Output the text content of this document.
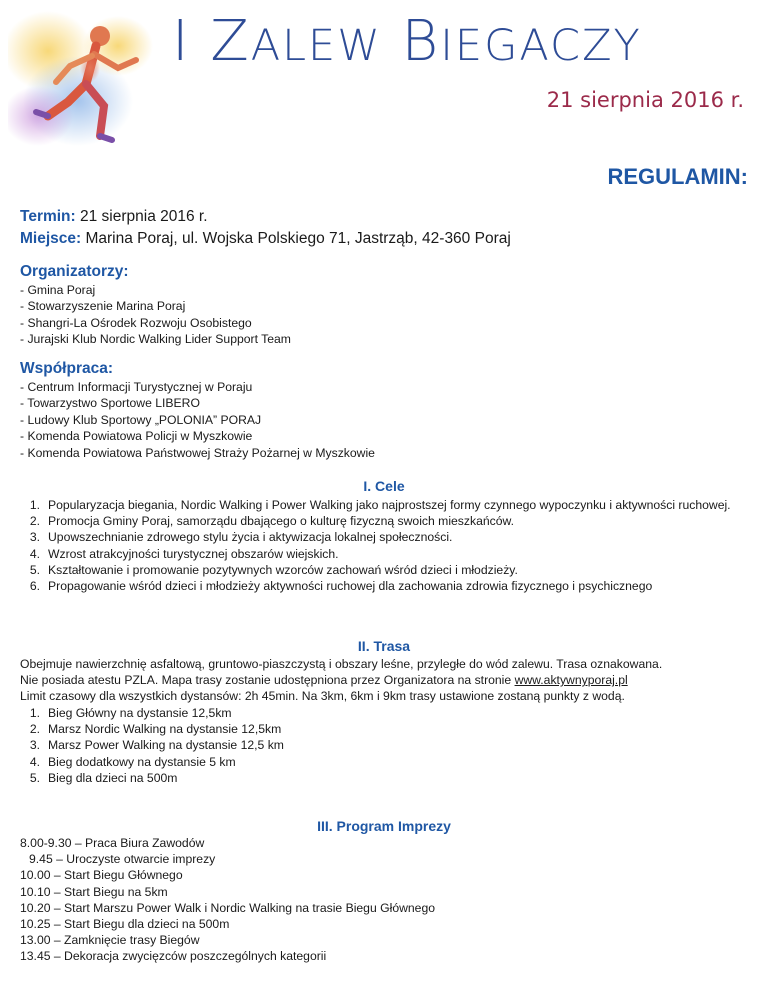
I ZALEW BIEGACZY
21 sierpnia 2016 r.
REGULAMIN:
Termin: 21 sierpnia 2016 r.
Miejsce: Marina Poraj, ul. Wojska Polskiego 71, Jastrząb, 42-360 Poraj
Organizatorzy:
- Gmina Poraj
- Stowarzyszenie Marina Poraj
- Shangri-La Ośrodek Rozwoju Osobistego
- Jurajski Klub Nordic Walking Lider Support Team
Współpraca:
- Centrum Informacji Turystycznej w Poraju
- Towarzystwo Sportowe LIBERO
- Ludowy Klub Sportowy „POLONIA” PORAJ
- Komenda Powiatowa Policji w Myszkowie
- Komenda Powiatowa Państwowej Straży Pożarnej w Myszkowie
I. Cele
1. Popularyzacja biegania, Nordic Walking i Power Walking jako najprostszej formy czynnego wypoczynku i aktywności ruchowej.
2. Promocja Gminy Poraj, samorządu dbającego o kulturę fizyczną swoich mieszkańców.
3. Upowszechnianie zdrowego stylu życia i aktywizacja lokalnej społeczności.
4. Wzrost atrakcyjności turystycznej obszarów wiejskich.
5. Kształtowanie i promowanie pozytywnych wzorców zachowań wśród dzieci i młodzieży.
6. Propagowanie wśród dzieci i młodzieży aktywności ruchowej dla zachowania zdrowia fizycznego i psychicznego
II. Trasa
Obejmuje nawierzchnię asfaltową, gruntowo-piaszczystą i obszary leśne, przyległe do wód zalewu. Trasa oznakowana.
Nie posiada atestu PZLA. Mapa trasy zostanie udostępniona przez Organizatora na stronie www.aktywnyporaj.pl
Limit czasowy dla wszystkich dystansów: 2h 45min. Na 3km, 6km i 9km trasy ustawione zostaną punkty z wodą.
1. Bieg Główny na dystansie 12,5km
2. Marsz Nordic Walking na dystansie 12,5km
3. Marsz Power Walking na dystansie 12,5 km
4. Bieg dodatkowy na dystansie 5 km
5. Bieg dla dzieci na 500m
III. Program Imprezy
8.00-9.30 – Praca Biura Zawodów
9.45 – Uroczyste otwarcie imprezy
10.00 – Start Biegu Głównego
10.10 – Start Biegu na 5km
10.20 – Start Marszu Power Walk i Nordic Walking na trasie Biegu Głównego
10.25 – Start Biegu dla dzieci na 500m
13.00 – Zamknięcie trasy Biegów
13.45 – Dekoracja zwycięzców poszczególnych kategorii
